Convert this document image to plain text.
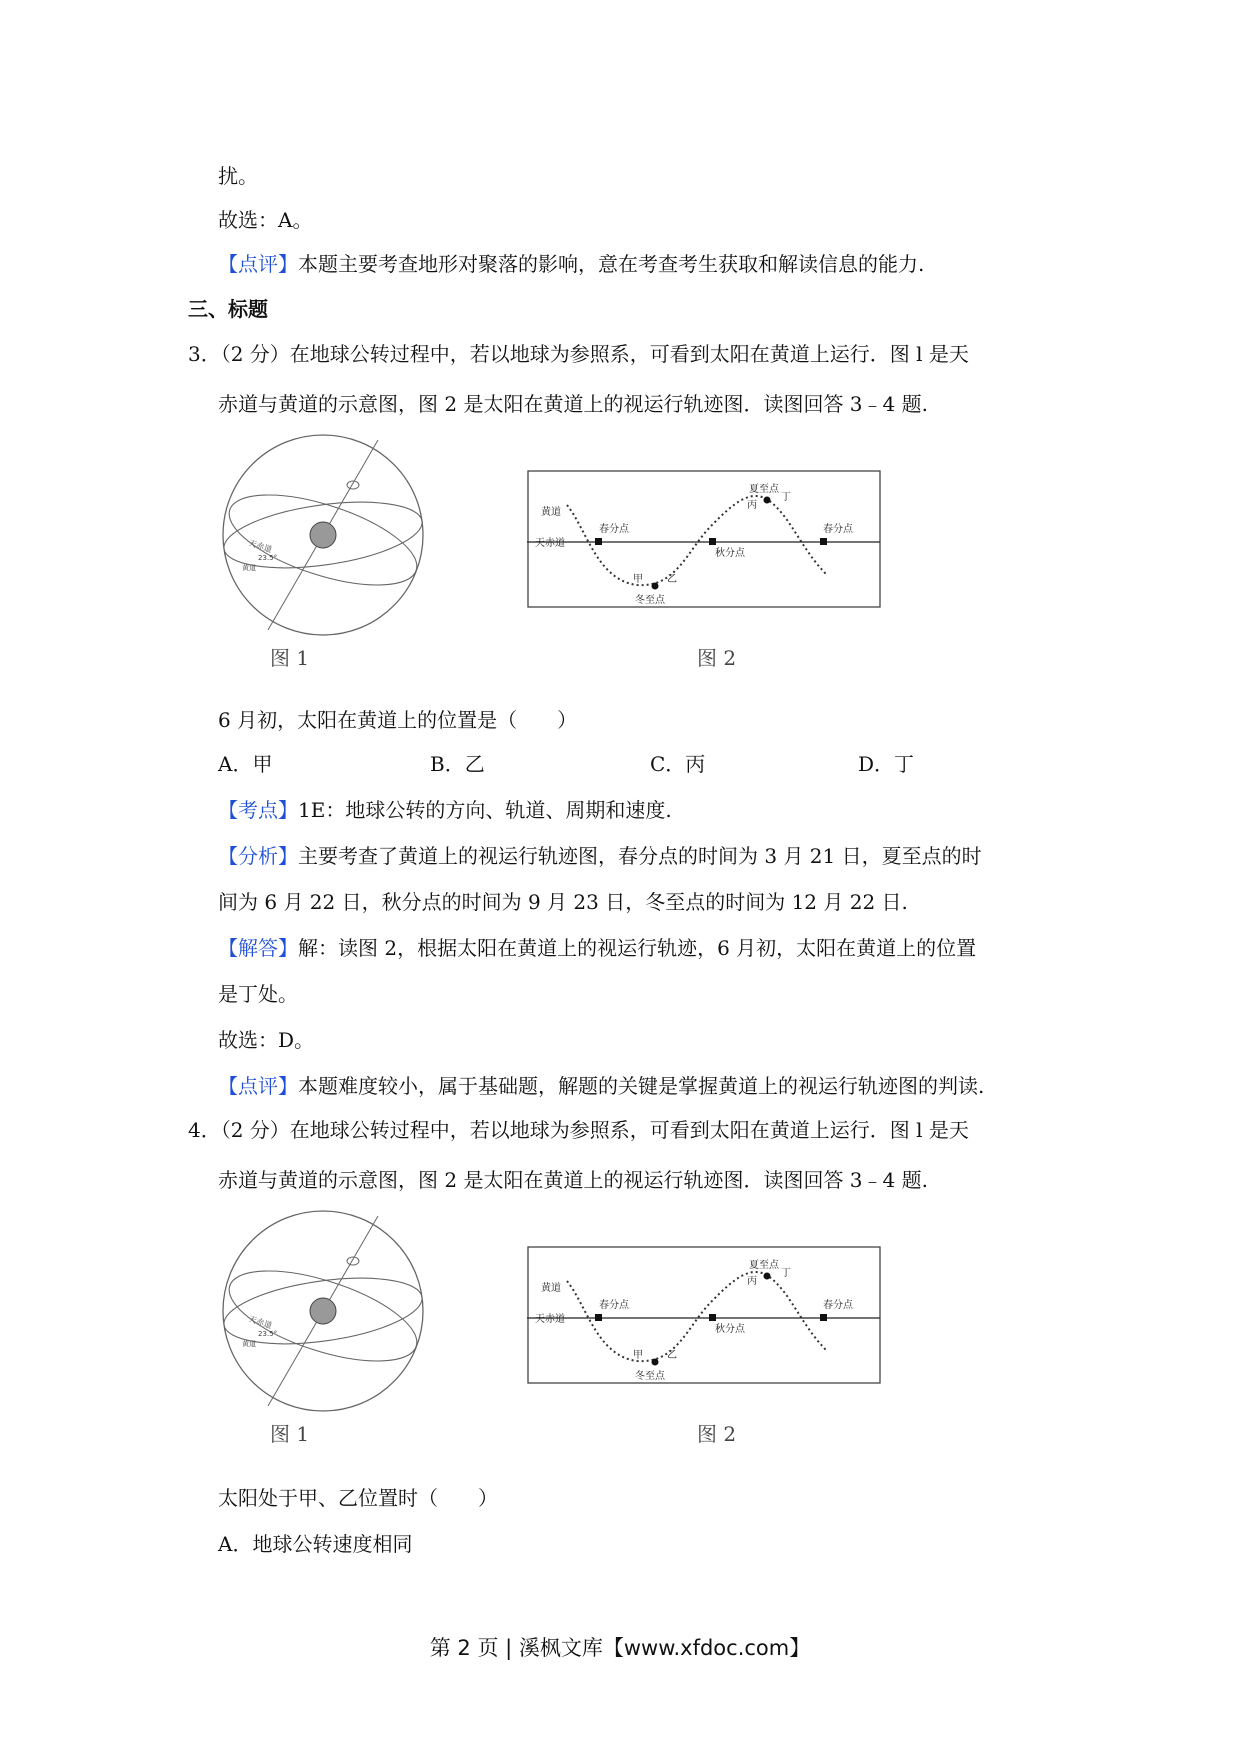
扰。
故选：A。
【点评】本题主要考查地形对聚落的影响，意在考查考生获取和解读信息的能力.
三、标题
3．（2 分）在地球公转过程中，若以地球为参照系，可看到太阳在黄道上运行．图 l 是天
赤道与黄道的示意图，图 2 是太阳在黄道上的视运行轨迹图．读图回答 3﹣4 题.
天赤道
23.5°
黄道
图 1
黄道
天赤道
春分点
秋分点
夏至点
冬至点
春分点
甲 乙
丙
丁
图 2
6 月初，太阳在黄道上的位置是（　　）
A．甲	B．乙	C．丙	D．丁
【考点】1E：地球公转的方向、轨道、周期和速度.
【分析】主要考查了黄道上的视运行轨迹图，春分点的时间为 3 月 21 日，夏至点的时
间为 6 月 22 日，秋分点的时间为 9 月 23 日，冬至点的时间为 12 月 22 日.
【解答】解：读图 2，根据太阳在黄道上的视运行轨迹，6 月初，太阳在黄道上的位置
是丁处。
故选：D。
【点评】本题难度较小，属于基础题，解题的关键是掌握黄道上的视运行轨迹图的判读.
4．（2 分）在地球公转过程中，若以地球为参照系，可看到太阳在黄道上运行．图 l 是天
赤道与黄道的示意图，图 2 是太阳在黄道上的视运行轨迹图．读图回答 3﹣4 题.
天赤道
23.5°
黄道
图 1
黄道
天赤道
春分点
秋分点
夏至点
冬至点
春分点
甲 乙
丙
丁
图 2
太阳处于甲、乙位置时（　　）
A．地球公转速度相同
第 2 页 | 溪枫文库【www.xfdoc.com】
